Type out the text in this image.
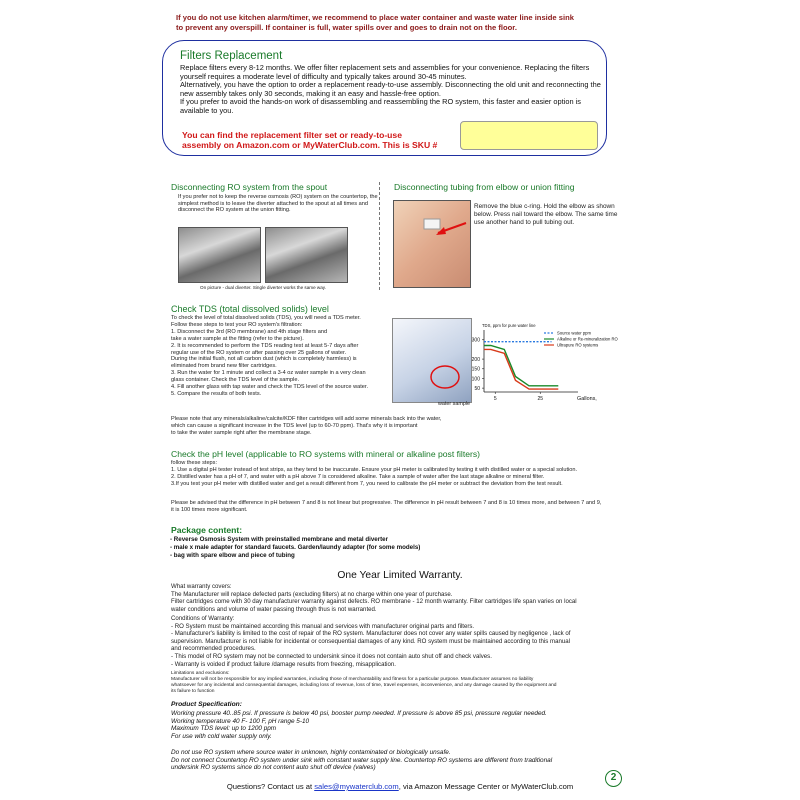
If you do not use kitchen alarm/timer, we recommend to place water container and waste water line inside sink
to prevent any overspill. If container is full, water spills over and goes to drain not on the floor.
Filters Replacement

Replace filters every 8-12 months. We offer filter replacement sets and assemblies for your convenience. Replacing the filters yourself requires a moderate level of difficulty and typically takes around 30-45 minutes.

Alternatively, you have the option to order a replacement ready-to-use assembly. Disconnecting the old unit and reconnecting the new assembly takes only 30 seconds, making it an easy and hassle-free option.

If you prefer to avoid the hands-on work of disassembling and reassembling the RO system, this faster and easier option is available to you.

You can find the replacement filter set or ready-to-use
assembly on Amazon.com or MyWaterClub.com. This is SKU #
Disconnecting RO system from the spout
If you prefer not to keep the reverse osmosis (RO) system on the countertop, the simplest method is to leave the diverter attached to the spout at all times and disconnect the RO system at the union fitting.
On picture - dual diverter. Single diverter works the same way.
Disconnecting tubing from elbow or union fitting
Remove the blue c-ring. Hold the elbow as shown below. Press nail toward the elbow. The same time use another hand to pull tubing out.
Check TDS (total dissolved solids) level

To check the level of total dissolved solids (TDS), you will need a TDS meter.

Follow these steps to test your RO system's filtration:

1. Disconnect the 3rd (RO membrane) and 4th stage filters and

take a water sample at the fitting (refer to the picture).

2. It is recommended to perform the TDS reading test at least 5-7 days after

regular use of the RO system or after passing over 25 gallons of water.

During the initial flush, not all carbon dust (which is completely harmless) is

eliminated from brand new filter cartridges.

3. Run the water for 1 minute and collect a 3-4 oz water sample in a very clean

glass container. Check the TDS level of the sample.

4. Fill another glass with tap water and check the TDS level of the source water.

5. Compare the results of both tests.

water sample
TDS, ppm for pure water line
50
100
150
200
300
5	25
Source water ppm
Alkaline or Re-mineralization RO
Ultrapure RO systems
Gallons,

Please note that any minerals/alkaline/calcite/KDF filter cartridges will add some minerals back into the water,

which can cause a significant increase in the TDS level (up to 60-70 ppm). That's why it is important

to take the water sample right after the membrane stage.

Check the pH level (applicable to RO systems with mineral or alkaline post filters)

follow these steps:

1. Use a digital pH tester instead of test strips, as they tend to be inaccurate. Ensure your pH meter is calibrated by testing it with distilled water or a special solution.

2. Distilled water has a pH of 7, and water with a pH above 7 is considered alkaline. Take a sample of water after the last stage alkaline or mineral filter.

3.If you test your pH meter with distilled water and get a result different from 7, you need to calibrate the pH meter or subtract the deviation from the test result.

Please be advised that the difference in pH between 7 and 8 is not linear but progressive. The difference in pH result between 7 and 8 is 10 times more, and between 7 and 9,

it is 100 times more significant.

Package content:

- Reverse Osmosis System with preinstalled membrane and metal diverter

- male x male adapter for standard faucets. Garden/laundy adapter (for some models)

- bag with spare elbow and piece of tubing

One Year Limited Warranty.

What warranty covers:

The Manufacturer will replace defected parts (excluding filters) at no charge within one year of purchase.

Filter cartridges come with 30 day manufacturer warranty against defects. RO membrane - 12 month warranty. Filter cartridges life span varies on local

water conditions and volume of water passing through thus is not warranted.

Conditions of Warranty:

- RO System must be maintained according this manual and services with manufacturer original parts and filters.

- Manufacturer's liability is limited to the cost of repair of the RO system. Manufacturer does not cover any water spills caused by negligence , lack of

supervision. Manufacturer is not liable for incidental or consequential damages of any kind. RO system must be maintained according to this manual

and recommended procedures.

- This model of RO system may not be connected to undersink since it does not contain auto shut off and check valves.

- Warranty is voided if product failure /damage results from freezing, misapplication.

Limitations and exclusions:

Manufacturer will not be responsible for any implied warranties, including those of merchantability and fitness for a particular purpose. Manufacturer assumes no liability

whatsoever for any incidental and consequential damages, including loss of revenue, loss of time, travel expenses, inconvenience, and any damage caused by the equipment and

its failure to function

Product Specification:

Working pressure 40..85 psi. If pressure is below 40 psi, booster pump needed. If pressure is above 85 psi, pressure regular needed.

Working temperature 40 F- 100 F, pH range 5-10

Maximum TDS level: up to 1200 ppm

For use with cold water supply only.

Do not use RO system where source water in unknown, highly contaminated or biologically unsafe.

Do not connect Countertop RO system under sink with constant water supply line. Countertop RO systems are different from traditional

undersink RO systems since do not content auto shut off device (valves)

Questions? Contact us at sales@mywaterclub.com, via Amazon Message Center or MyWaterClub.com
2
